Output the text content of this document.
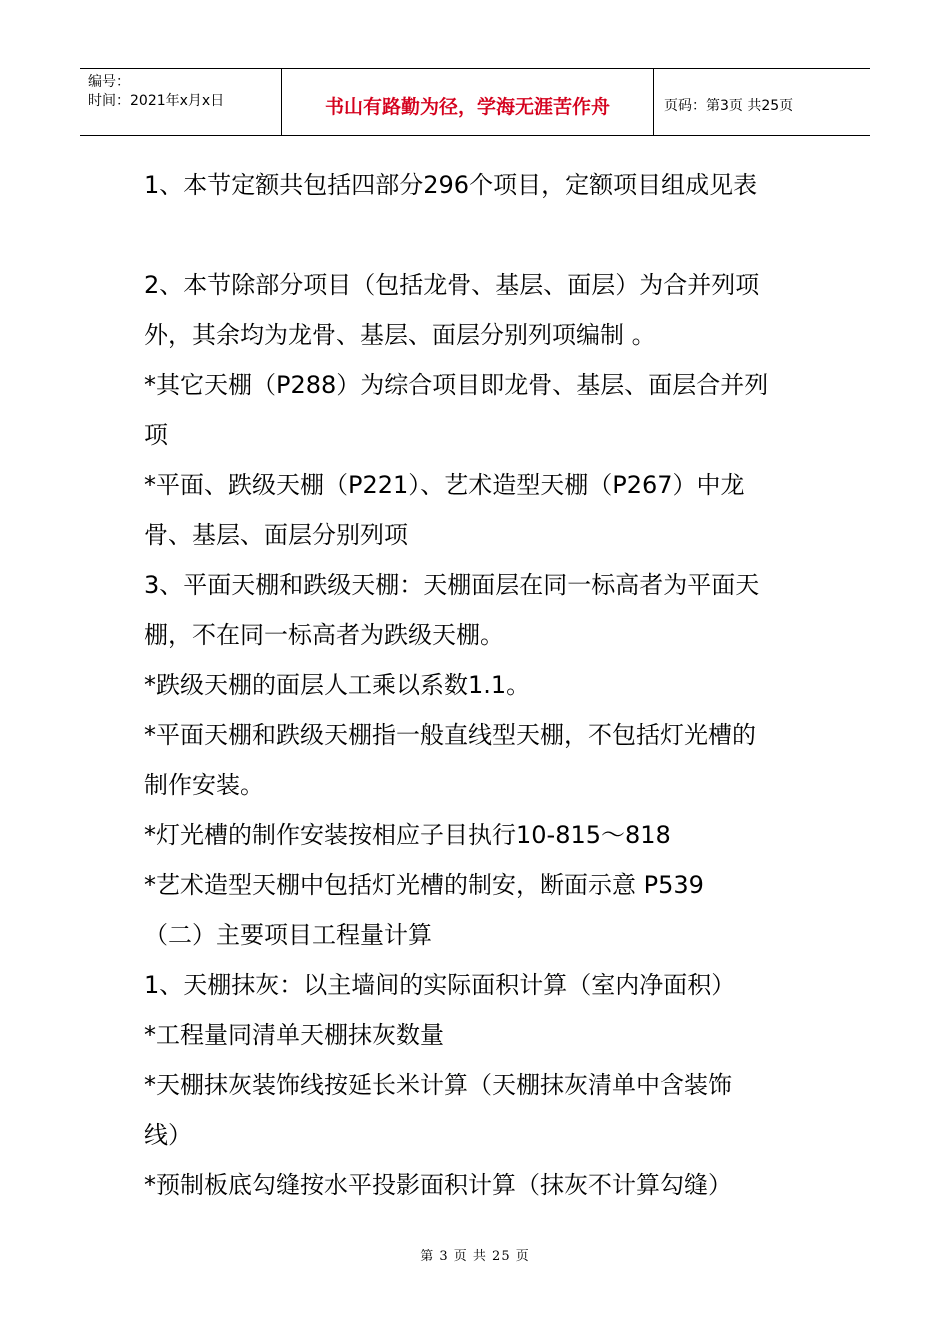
编号：
时间：2021年x月x日	书山有路勤为径，学海无涯苦作舟	页码：第3页 共25页
1、本节定额共包括四部分296个项目，定额项目组成见表
2、本节除部分项目（包括龙骨、基层、面层）为合并列项
外，其余均为龙骨、基层、面层分别列项编制 。
*其它天棚（P288）为综合项目即龙骨、基层、面层合并列
项
*平面、跌级天棚（P221）、艺术造型天棚（P267）中龙
骨、基层、面层分别列项
3、平面天棚和跌级天棚：天棚面层在同一标高者为平面天
棚，不在同一标高者为跌级天棚。
*跌级天棚的面层人工乘以系数1.1。
*平面天棚和跌级天棚指一般直线型天棚，不包括灯光槽的
制作安装。
*灯光槽的制作安装按相应子目执行10-815～818
*艺术造型天棚中包括灯光槽的制安，断面示意 P539
（二）主要项目工程量计算
1、天棚抹灰：以主墙间的实际面积计算（室内净面积）
*工程量同清单天棚抹灰数量
*天棚抹灰装饰线按延长米计算（天棚抹灰清单中含装饰
线）
*预制板底勾缝按水平投影面积计算（抹灰不计算勾缝）
第 3 页 共 25 页
